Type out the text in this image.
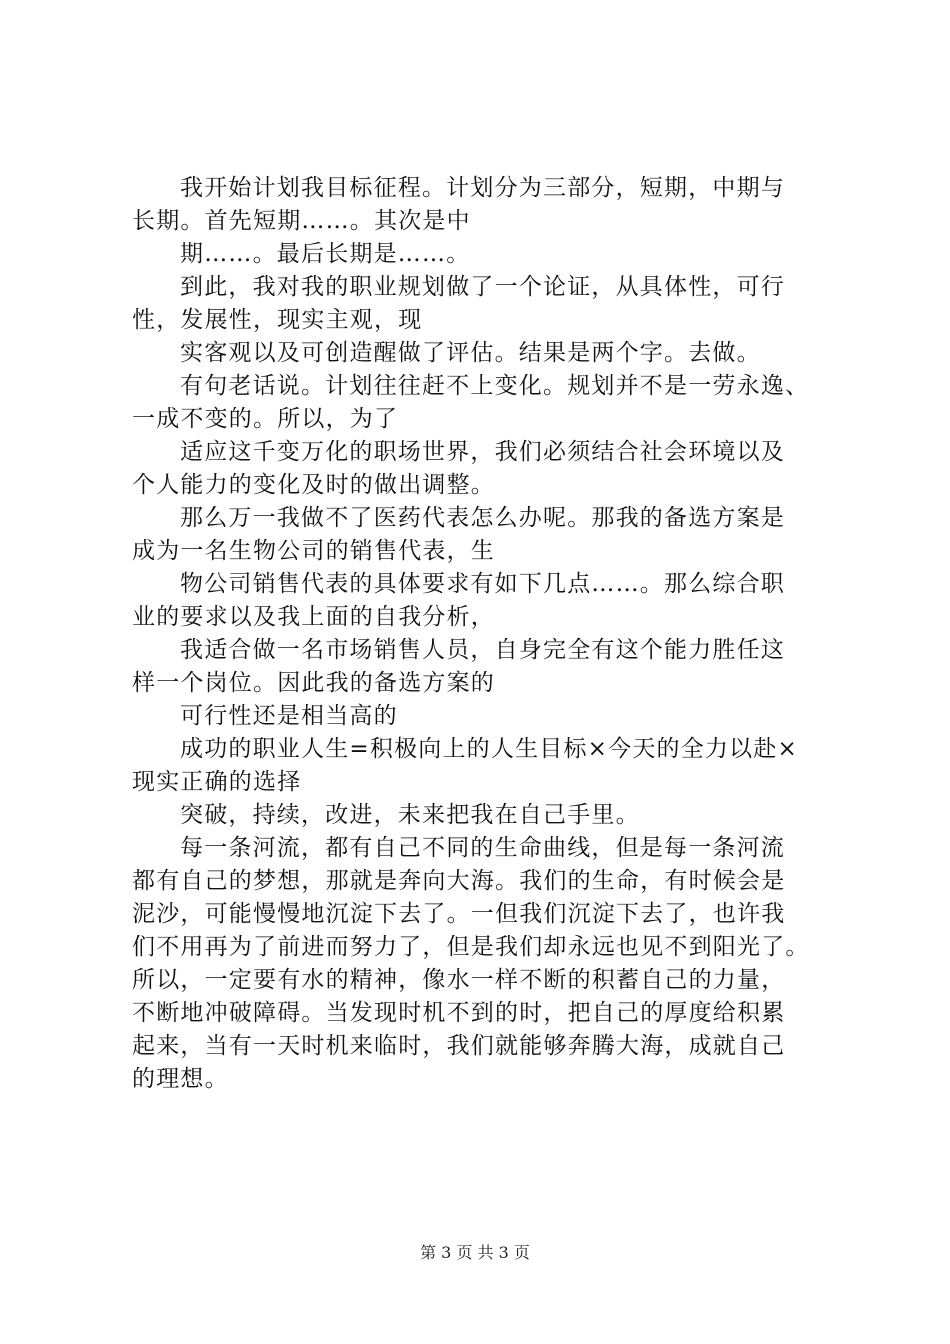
我开始计划我目标征程。计划分为三部分，短期，中期与
长期。首先短期……。其次是中
期……。最后长期是……。
到此，我对我的职业规划做了一个论证，从具体性，可行
性，发展性，现实主观，现
实客观以及可创造醒做了评估。结果是两个字。去做。
有句老话说。计划往往赶不上变化。规划并不是一劳永逸、
一成不变的。所以，为了
适应这千变万化的职场世界，我们必须结合社会环境以及
个人能力的变化及时的做出调整。
那么万一我做不了医药代表怎么办呢。那我的备选方案是
成为一名生物公司的销售代表，生
物公司销售代表的具体要求有如下几点……。那么综合职
业的要求以及我上面的自我分析，
我适合做一名市场销售人员，自身完全有这个能力胜任这
样一个岗位。因此我的备选方案的
可行性还是相当高的
成功的职业人生=积极向上的人生目标×今天的全力以赴×
现实正确的选择
突破，持续，改进，未来把我在自己手里。
每一条河流，都有自己不同的生命曲线，但是每一条河流
都有自己的梦想，那就是奔向大海。我们的生命，有时候会是
泥沙，可能慢慢地沉淀下去了。一但我们沉淀下去了，也许我
们不用再为了前进而努力了，但是我们却永远也见不到阳光了。
所以，一定要有水的精神，像水一样不断的积蓄自己的力量，
不断地冲破障碍。当发现时机不到的时，把自己的厚度给积累
起来，当有一天时机来临时，我们就能够奔腾大海，成就自己
的理想。
第 3 页 共 3 页
